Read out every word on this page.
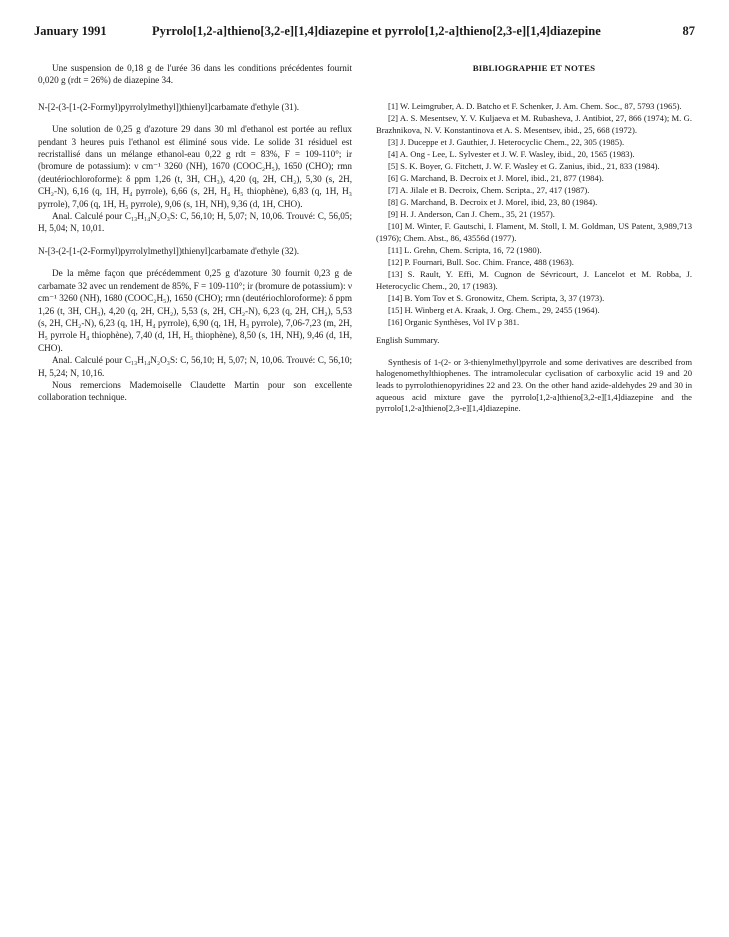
January 1991	Pyrrolo[1,2-a]thieno[3,2-e][1,4]diazepine et pyrrolo[1,2-a]thieno[2,3-e][1,4]diazepine	87

Une suspension de 0,18 g de l'urée 36 dans les conditions précédentes fournit 0,020 g (rdt = 26%) de diazepine 34.

N-[2-(3-[1-(2-Formyl)pyrrolylmethyl])thienyl]carbamate d'ethyle (31).

Une solution de 0,25 g d'azoture 29 dans 30 ml d'ethanol est portée au reflux pendant 3 heures puis l'ethanol est éliminé sous vide. Le solide 31 résiduel est recristallisé dans un mélange ethanol-eau 0,22 g rdt = 83%, F = 109-110°; ir (bromure de potassium): ν cm⁻¹ 3260 (NH), 1670 (COOC₂H₅), 1650 (CHO); rmn (deutériochloroforme): δ ppm 1,26 (t, 3H, CH₃), 4,20 (q, 2H, CH₂), 5,30 (s, 2H, CH₂-N), 6,16 (q, 1H, H₄ pyrrole), 6,66 (s, 2H, H₄ H₅ thiophène), 6,83 (q, 1H, H₃ pyrrole), 7,06 (q, 1H, H₅ pyrrole), 9,06 (s, 1H, NH), 9,36 (d, 1H, CHO).

Anal. Calculé pour C₁₃H₁₄N₂O₃S: C, 56,10; H, 5,07; N, 10,06. Trouvé: C, 56,05; H, 5,04; N, 10,01.

N-[3-(2-[1-(2-Formyl)pyrrolylmethyl])thienyl]carbamate d'ethyle (32).

De la même façon que précédemment 0,25 g d'azoture 30 fournit 0,23 g de carbamate 32 avec un rendement de 85%, F = 109-110°; ir (bromure de potassium): ν cm⁻¹ 3260 (NH), 1680 (COOC₂H₅), 1650 (CHO); rmn (deutériochloroforme): δ ppm 1,26 (t, 3H, CH₃), 4,20 (q, 2H, CH₂), 5,53 (s, 2H, CH₂-N), 6,23 (q, 2H, CH₂), 5,53 (s, 2H, CH₂-N), 6,23 (q, 1H, H₄ pyrrole), 6,90 (q, 1H, H₃ pyrrole), 7,06-7,23 (m, 2H, H₅ pyrrole H₄ thiophène), 7,40 (d, 1H, H₅ thiophène), 8,50 (s, 1H, NH), 9,46 (d, 1H, CHO).

Anal. Calculé pour C₁₃H₁₄N₂O₃S: C, 56,10; H, 5,07; N, 10,06. Trouvé: C, 56,10; H, 5,24; N, 10,16.

Nous remercions Mademoiselle Claudette Martin pour son excellente collaboration technique.

BIBLIOGRAPHIE ET NOTES

[1] W. Leimgruber, A. D. Batcho et F. Schenker, J. Am. Chem. Soc., 87, 5793 (1965).

[2] A. S. Mesentsev, Y. V. Kuljaeva et M. Rubasheva, J. Antibiot, 27, 866 (1974); M. G. Brazhnikova, N. V. Konstantinova et A. S. Mesentsev, ibid., 25, 668 (1972).

[3] J. Duceppe et J. Gauthier, J. Heterocyclic Chem., 22, 305 (1985).

[4] A. Ong - Lee, L. Sylvester et J. W. F. Wasley, ibid., 20, 1565 (1983).

[5] S. K. Boyer, G. Fitchett, J. W. F. Wasley et G. Zanius, ibid., 21, 833 (1984).

[6] G. Marchand, B. Decroix et J. Morel, ibid., 21, 877 (1984).

[7] A. Jilale et B. Decroix, Chem. Scripta., 27, 417 (1987).

[8] G. Marchand, B. Decroix et J. Morel, ibid, 23, 80 (1984).

[9] H. J. Anderson, Can J. Chem., 35, 21 (1957).

[10] M. Winter, F. Gautschi, I. Flament, M. Stoll, I. M. Goldman, US Patent, 3,989,713 (1976); Chem. Abst., 86, 43556d (1977).

[11] L. Grehn, Chem. Scripta, 16, 72 (1980).

[12] P. Fournari, Bull. Soc. Chim. France, 488 (1963).

[13] S. Rault, Y. Effi, M. Cugnon de Sévricourt, J. Lancelot et M. Robba, J. Heterocyclic Chem., 20, 17 (1983).

[14] B. Yom Tov et S. Gronowitz, Chem. Scripta, 3, 37 (1973).

[15] H. Winberg et A. Kraak, J. Org. Chem., 29, 2455 (1964).

[16] Organic Synthèses, Vol IV p 381.

English Summary.

Synthesis of 1-(2- or 3-thienylmethyl)pyrrole and some derivatives are described from halogenomethylthiophenes. The intramolecular cyclisation of carboxylic acid 19 and 20 leads to pyrrolothienopyridines 22 and 23. On the other hand azide-aldehydes 29 and 30 in aqueous acid mixture gave the pyrrolo[1,2-a]thieno[3,2-e][1,4]diazepine and the pyrrolo[1,2-a]thieno[2,3-e][1,4]diazepine.
